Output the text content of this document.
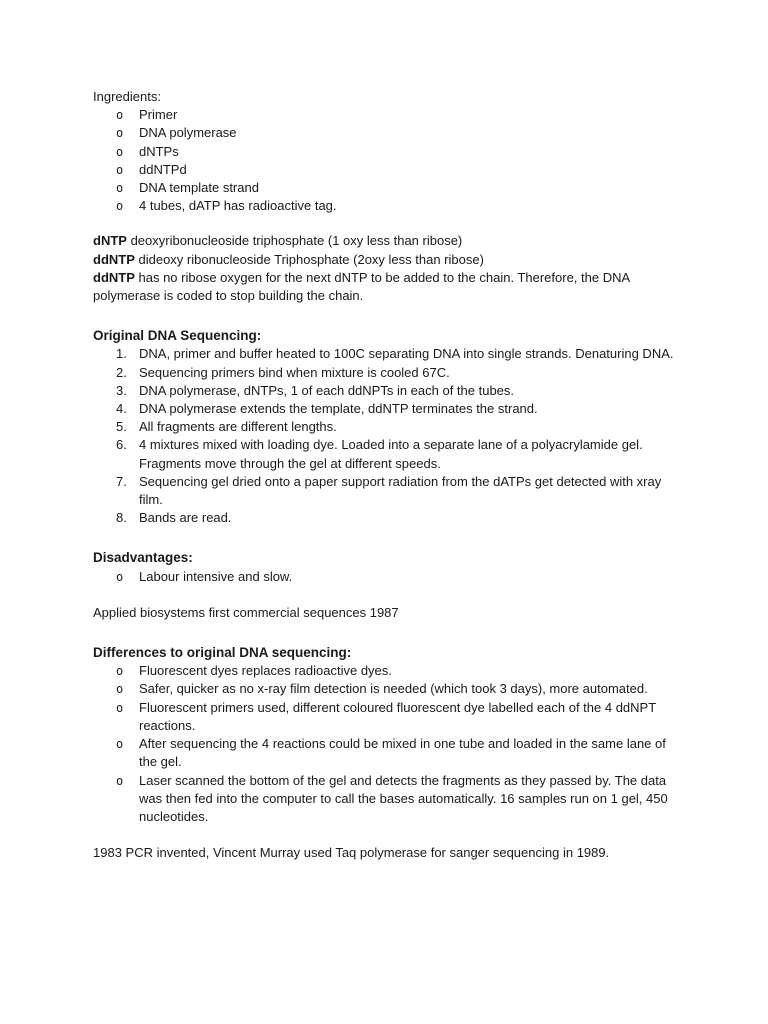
Ingredients:

o Primer
o DNA polymerase
o dNTPs
o ddNTPd
o DNA template strand
o 4 tubes, dATP has radioactive tag.

dNTP deoxyribonucleoside triphosphate (1 oxy less than ribose)

ddNTP dideoxy ribonucleoside Triphosphate (2oxy less than ribose)

ddNTP has no ribose oxygen for the next dNTP to be added to the chain. Therefore, the DNA polymerase is coded to stop building the chain.

Original DNA Sequencing:

1. DNA, primer and buffer heated to 100C separating DNA into single strands. Denaturing DNA.
2. Sequencing primers bind when mixture is cooled 67C.
3. DNA polymerase, dNTPs, 1 of each ddNPTs in each of the tubes.
4. DNA polymerase extends the template, ddNTP terminates the strand.
5. All fragments are different lengths.
6. 4 mixtures mixed with loading dye. Loaded into a separate lane of a polyacrylamide gel. Fragments move through the gel at different speeds.
7. Sequencing gel dried onto a paper support radiation from the dATPs get detected with xray film.
8. Bands are read.

Disadvantages:

o Labour intensive and slow.

Applied biosystems first commercial sequences 1987

Differences to original DNA sequencing:

o Fluorescent dyes replaces radioactive dyes.
o Safer, quicker as no x-ray film detection is needed (which took 3 days), more automated.
o Fluorescent primers used, different coloured fluorescent dye labelled each of the 4 ddNPT reactions.
o After sequencing the 4 reactions could be mixed in one tube and loaded in the same lane of the gel.
o Laser scanned the bottom of the gel and detects the fragments as they passed by. The data was then fed into the computer to call the bases automatically. 16 samples run on 1 gel, 450 nucleotides.

1983 PCR invented, Vincent Murray used Taq polymerase for sanger sequencing in 1989.
